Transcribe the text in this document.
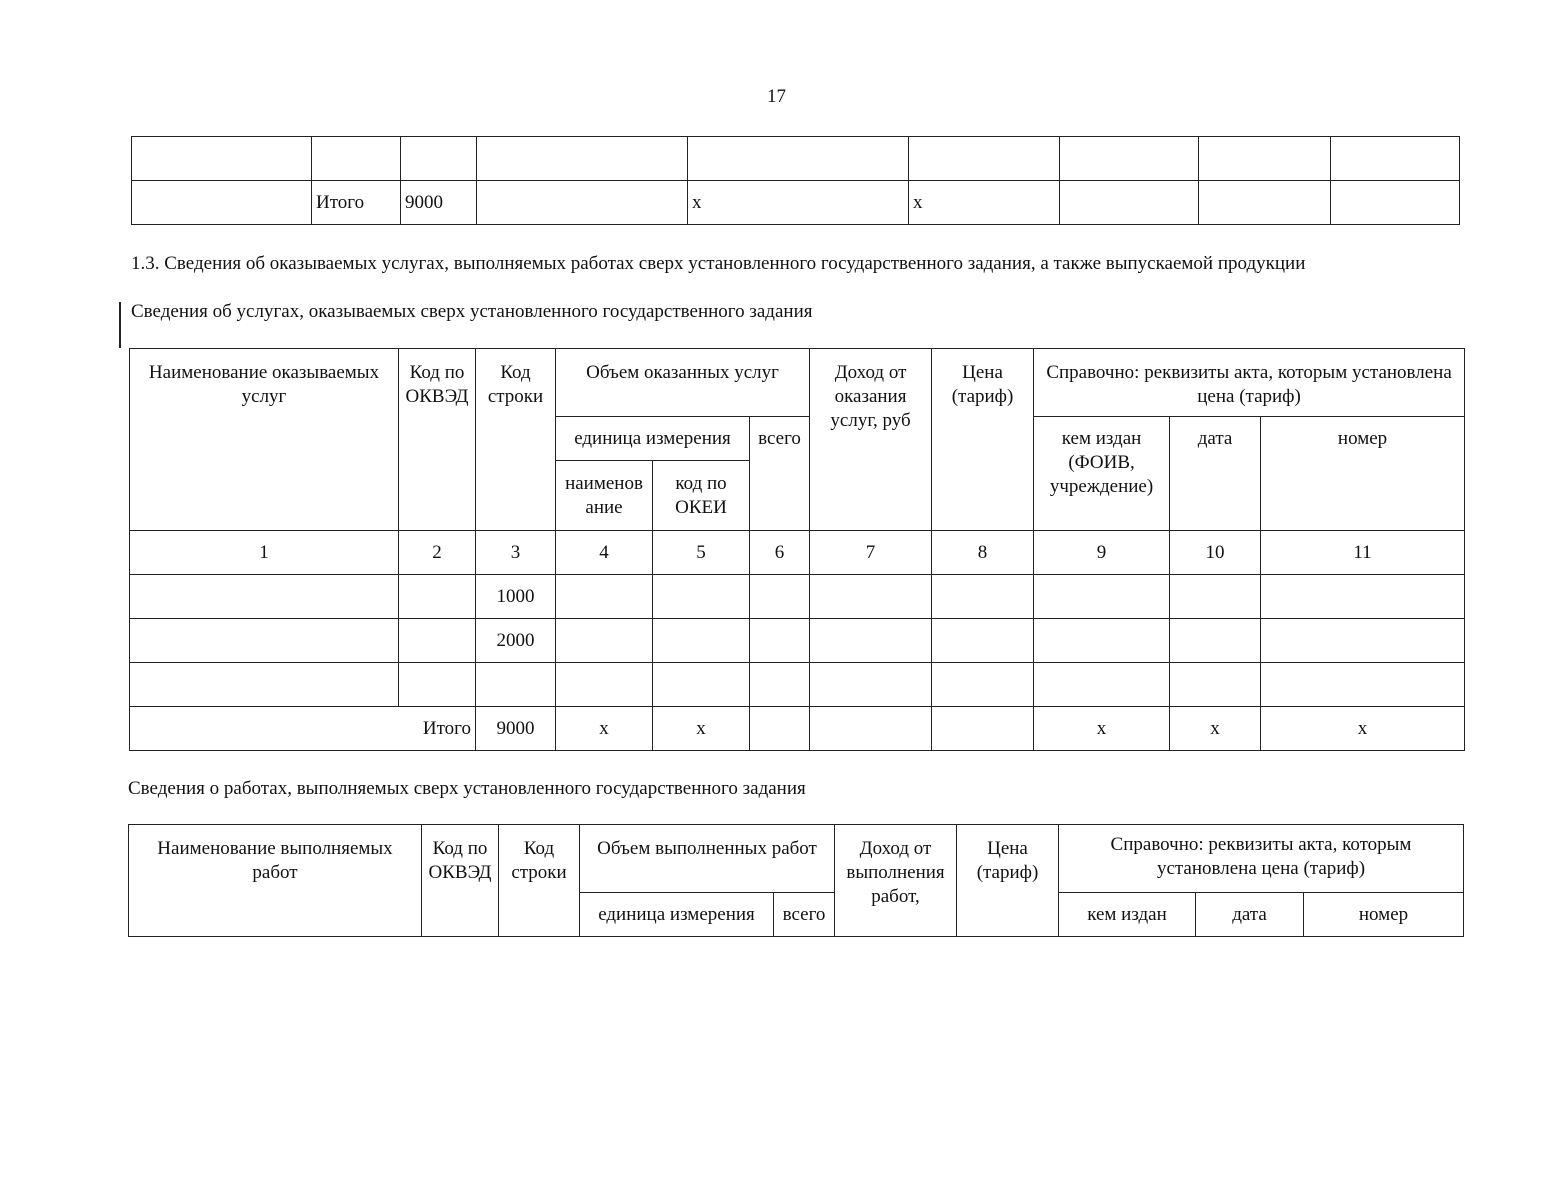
17

	Итого	9000		x	x			
1.3. Сведения об оказываемых услугах, выполняемых работах сверх установленного государственного задания, а также выпускаемой продукции
Сведения об услугах, оказываемых сверх установленного государственного задания
Наименование оказываемых услуг	Код по ОКВЭД	Код строки	Объем оказанных услуг			Доход от оказания услуг, руб	Цена (тариф)	Справочно: реквизиты акта, которым установлена цена (тариф)		
			единица измерения		всего			кем издан (ФОИВ, учреждение)	дата	номер
			наименование	код по ОКЕИ						
1	2	3	4	5	6	7	8	9	10	11
		1000								
		2000								

Итого		9000	x	x				x	x	x
Сведения о работах, выполняемых сверх установленного государственного задания
Наименование выполняемых работ	Код по ОКВЭД	Код строки	Объем выполненных работ		Доход от выполнения работ,	Цена (тариф)	Справочно: реквизиты акта, которым установлена цена (тариф)		
			единица измерения	всего			кем издан	дата	номер
